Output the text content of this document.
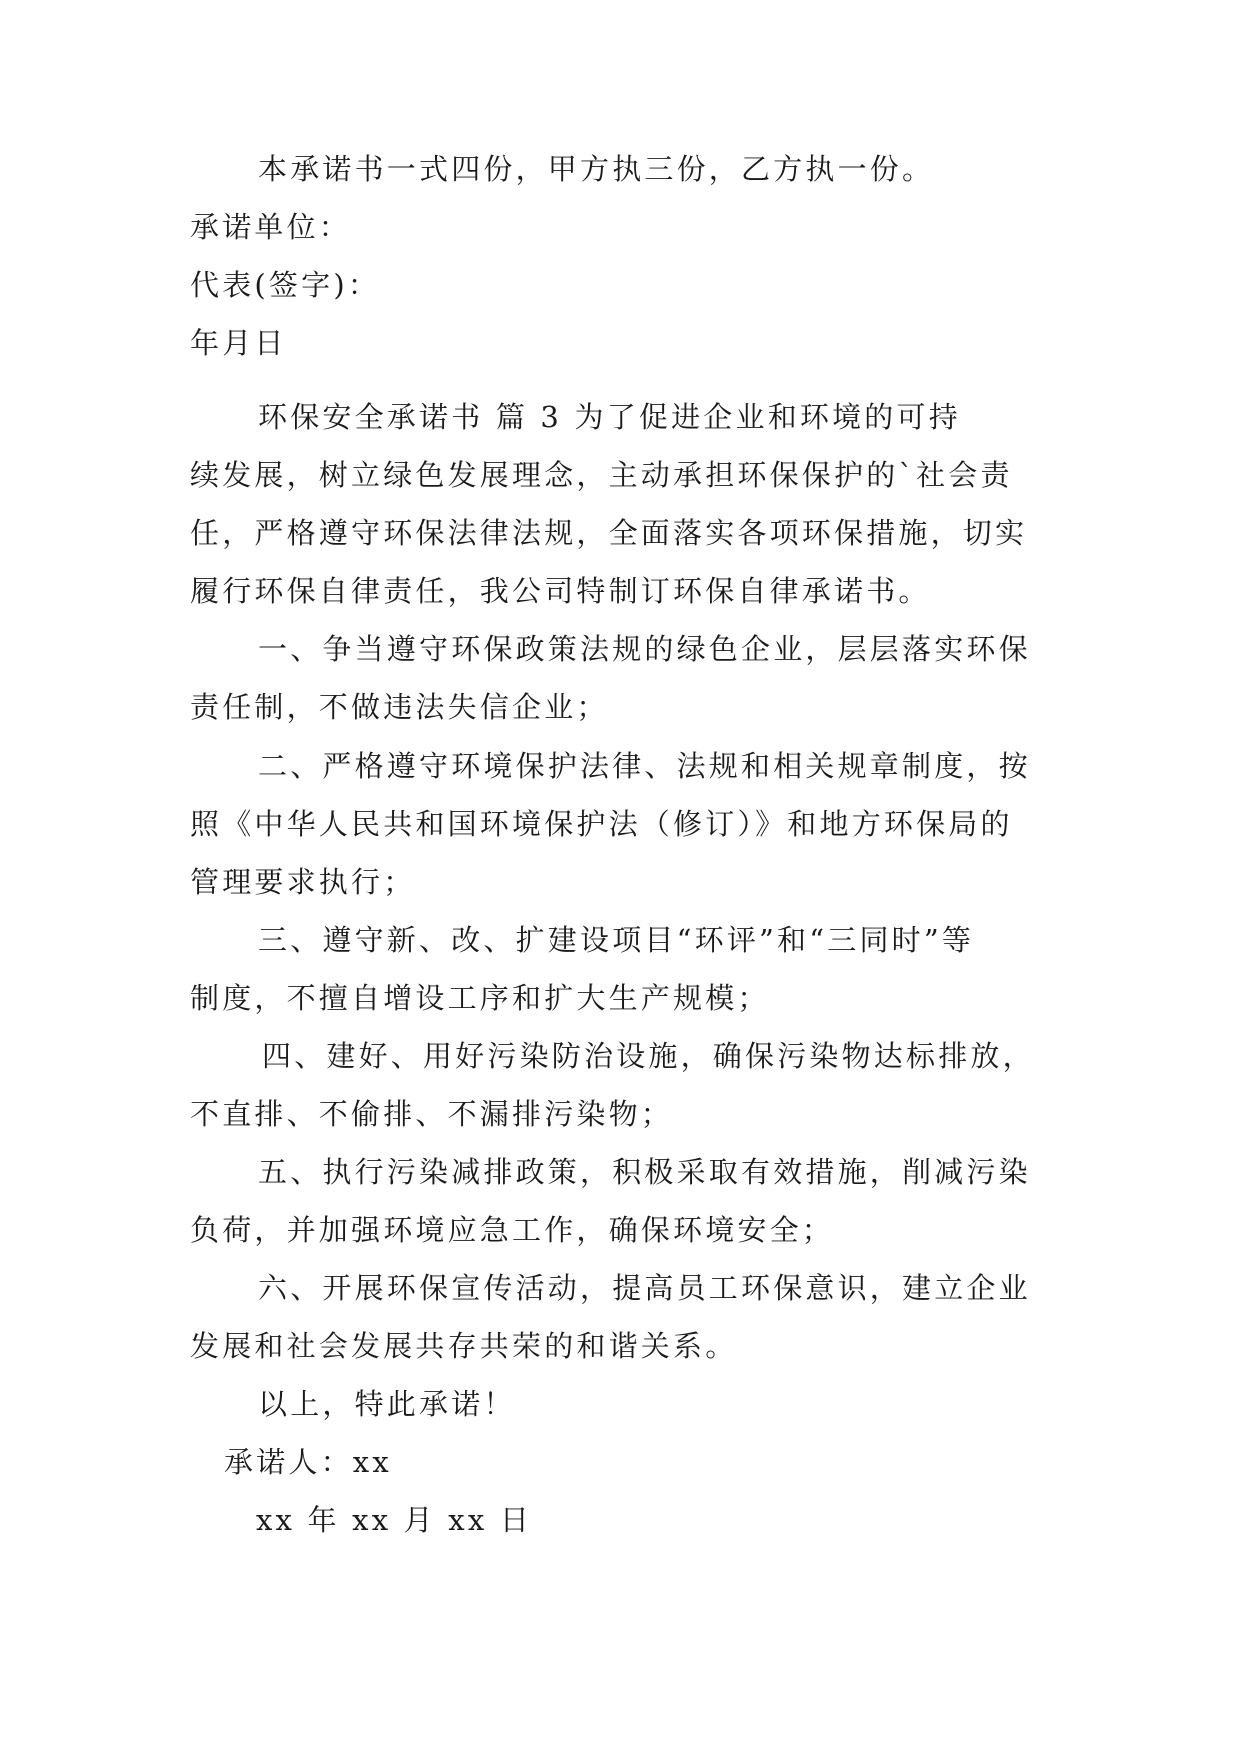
本承诺书一式四份，甲方执三份，乙方执一份。
承诺单位：
代表(签字)：
年月日
环保安全承诺书 篇 3 为了促进企业和环境的可持
续发展，树立绿色发展理念，主动承担环保保护的`社会责
任，严格遵守环保法律法规，全面落实各项环保措施，切实
履行环保自律责任，我公司特制订环保自律承诺书。
一、争当遵守环保政策法规的绿色企业，层层落实环保
责任制，不做违法失信企业；
二、严格遵守环境保护法律、法规和相关规章制度，按
照《中华人民共和国环境保护法（修订）》和地方环保局的
管理要求执行；
三、遵守新、改、扩建设项目“环评”和“三同时”等
制度，不擅自增设工序和扩大生产规模；
四、建好、用好污染防治设施，确保污染物达标排放，
不直排、不偷排、不漏排污染物；
五、执行污染减排政策，积极采取有效措施，削减污染
负荷，并加强环境应急工作，确保环境安全；
六、开展环保宣传活动，提高员工环保意识，建立企业
发展和社会发展共存共荣的和谐关系。
以上，特此承诺！
承诺人：xx
xx 年 xx 月 xx 日
